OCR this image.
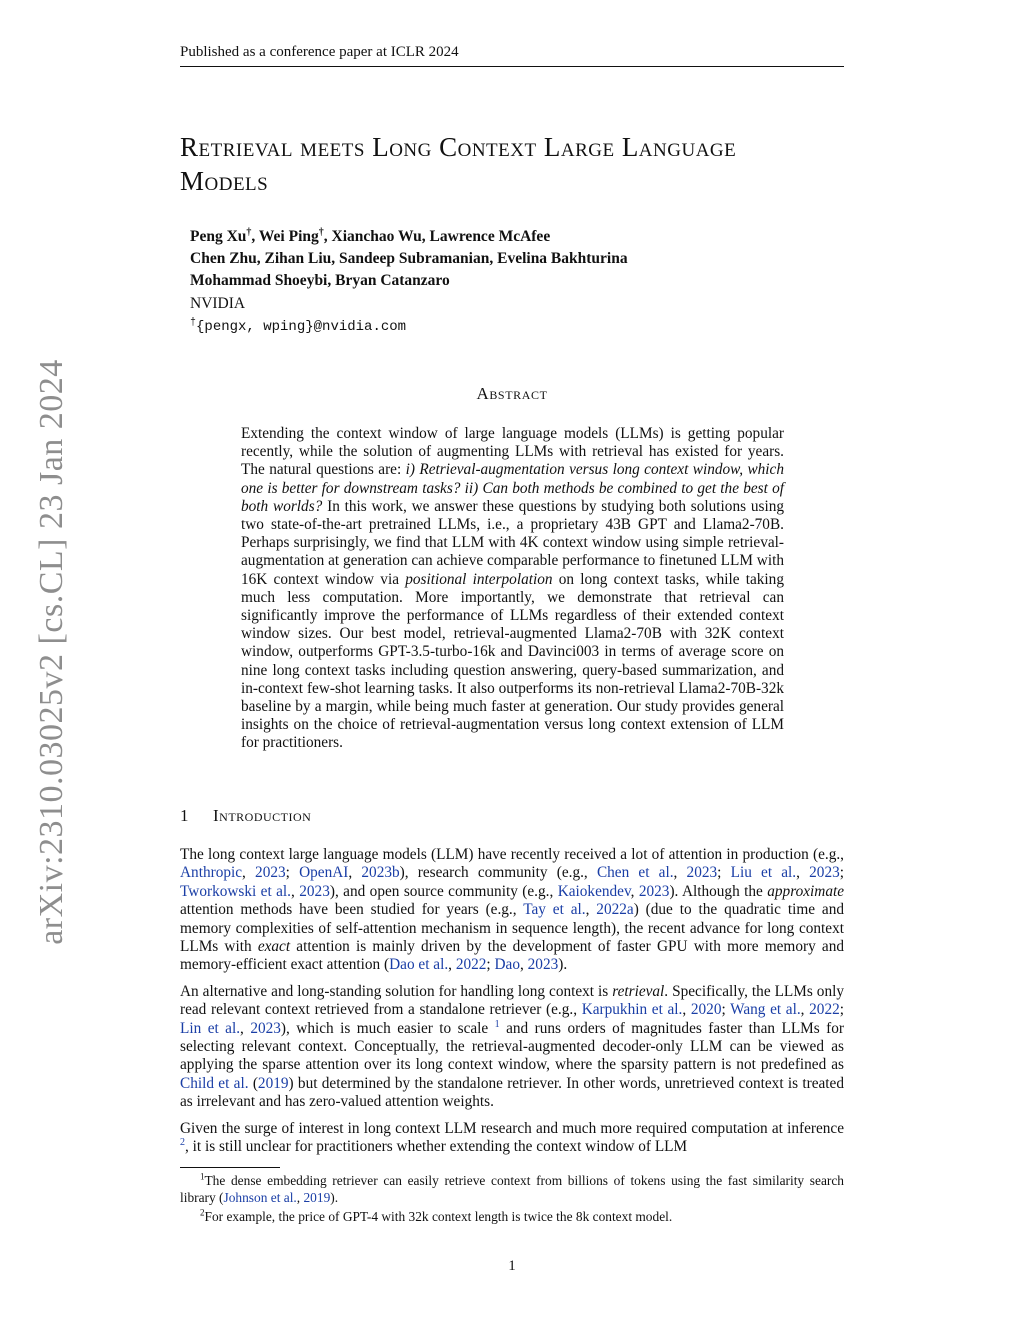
Published as a conference paper at ICLR 2024
arXiv:2310.03025v2 [cs.CL] 23 Jan 2024
Retrieval meets Long Context Large Language
Models
Peng Xu†, Wei Ping†, Xianchao Wu, Lawrence McAfee
Chen Zhu, Zihan Liu, Sandeep Subramanian, Evelina Bakhturina
Mohammad Shoeybi, Bryan Catanzaro
NVIDIA
†{pengx, wping}@nvidia.com
Abstract
Extending the context window of large language models (LLMs) is getting popular recently, while the solution of augmenting LLMs with retrieval has existed for years. The natural questions are: i) Retrieval-augmentation versus long context window, which one is better for downstream tasks? ii) Can both methods be combined to get the best of both worlds? In this work, we answer these questions by studying both solutions using two state-of-the-art pretrained LLMs, i.e., a proprietary 43B GPT and Llama2-70B. Perhaps surprisingly, we find that LLM with 4K context window using simple retrieval-augmentation at generation can achieve comparable performance to finetuned LLM with 16K context window via positional interpolation on long context tasks, while taking much less computation. More importantly, we demonstrate that retrieval can significantly improve the performance of LLMs regardless of their extended context window sizes. Our best model, retrieval-augmented Llama2-70B with 32K context window, outperforms GPT-3.5-turbo-16k and Davinci003 in terms of average score on nine long context tasks including question answering, query-based summarization, and in-context few-shot learning tasks. It also outperforms its non-retrieval Llama2-70B-32k baseline by a margin, while being much faster at generation. Our study provides general insights on the choice of retrieval-augmentation versus long context extension of LLM for practitioners.
1 Introduction

The long context large language models (LLM) have recently received a lot of attention in production (e.g., Anthropic, 2023; OpenAI, 2023b), research community (e.g., Chen et al., 2023; Liu et al., 2023; Tworkowski et al., 2023), and open source community (e.g., Kaiokendev, 2023). Although the approximate attention methods have been studied for years (e.g., Tay et al., 2022a) (due to the quadratic time and memory complexities of self-attention mechanism in sequence length), the recent advance for long context LLMs with exact attention is mainly driven by the development of faster GPU with more memory and memory-efficient exact attention (Dao et al., 2022; Dao, 2023).

An alternative and long-standing solution for handling long context is retrieval. Specifically, the LLMs only read relevant context retrieved from a standalone retriever (e.g., Karpukhin et al., 2020; Wang et al., 2022; Lin et al., 2023), which is much easier to scale $^1$ and runs orders of magnitudes faster than LLMs for selecting relevant context. Conceptually, the retrieval-augmented decoder-only LLM can be viewed as applying the sparse attention over its long context window, where the sparsity pattern is not predefined as Child et al. (2019) but determined by the standalone retriever. In other words, unretrieved context is treated as irrelevant and has zero-valued attention weights.

Given the surge of interest in long context LLM research and much more required computation at inference $^2$, it is still unclear for practitioners whether extending the context window of LLM

$^1$The dense embedding retriever can easily retrieve context from billions of tokens using the fast similarity search library (Johnson et al., 2019).

$^2$For example, the price of GPT-4 with 32k context length is twice the 8k context model.

1
